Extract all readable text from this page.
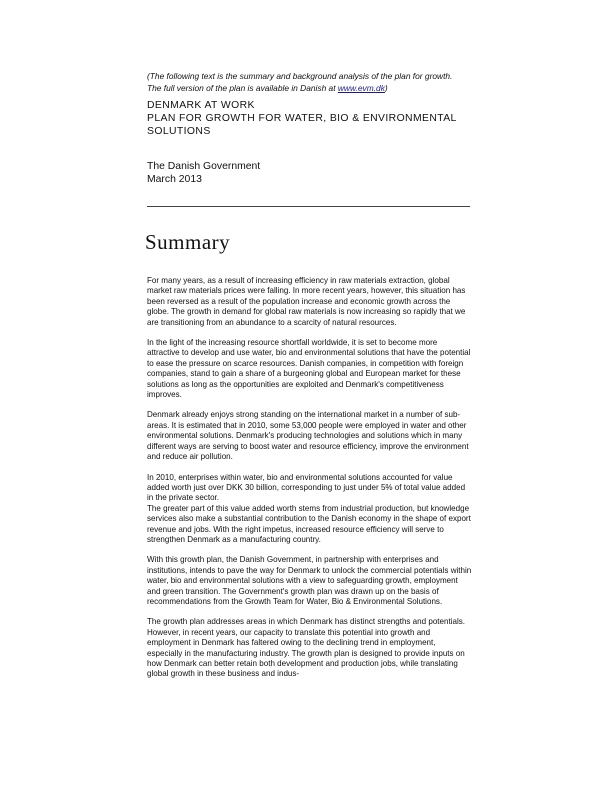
(The following text is the summary and background analysis of the plan for growth. The full version of the plan is available in Danish at www.evm.dk)
DENMARK AT WORK
PLAN FOR GROWTH FOR WATER, BIO & ENVIRONMENTAL SOLUTIONS
The Danish Government
March 2013
Summary

For many years, as a result of increasing efficiency in raw materials extraction, global market raw materials prices were falling. In more recent years, however, this situation has been reversed as a result of the population increase and economic growth across the globe. The growth in demand for global raw materials is now increasing so rapidly that we are transitioning from an abundance to a scarcity of natural resources.

In the light of the increasing resource shortfall worldwide, it is set to become more attractive to develop and use water, bio and environmental solutions that have the potential to ease the pressure on scarce resources. Danish companies, in competition with foreign companies, stand to gain a share of a burgeoning global and European market for these solutions as long as the opportunities are exploited and Denmark's competitiveness improves.

Denmark already enjoys strong standing on the international market in a number of sub-areas. It is estimated that in 2010, some 53,000 people were employed in water and other environmental solutions. Denmark's producing technologies and solutions which in many different ways are serving to boost water and resource efficiency, improve the environment and reduce air pollution.

In 2010, enterprises within water, bio and environmental solutions accounted for value added worth just over DKK 30 billion, corresponding to just under 5% of total value added in the private sector.

The greater part of this value added worth stems from industrial production, but knowledge services also make a substantial contribution to the Danish economy in the shape of export revenue and jobs. With the right impetus, increased resource efficiency will serve to strengthen Denmark as a manufacturing country.

With this growth plan, the Danish Government, in partnership with enterprises and institutions, intends to pave the way for Denmark to unlock the commercial potentials within water, bio and environmental solutions with a view to safeguarding growth, employment and green transition. The Government's growth plan was drawn up on the basis of recommendations from the Growth Team for Water, Bio & Environmental Solutions.

The growth plan addresses areas in which Denmark has distinct strengths and potentials. However, in recent years, our capacity to translate this potential into growth and employment in Denmark has faltered owing to the declining trend in employment, especially in the manufacturing industry. The growth plan is designed to provide inputs on how Denmark can better retain both development and production jobs, while translating global growth in these business and indus-
